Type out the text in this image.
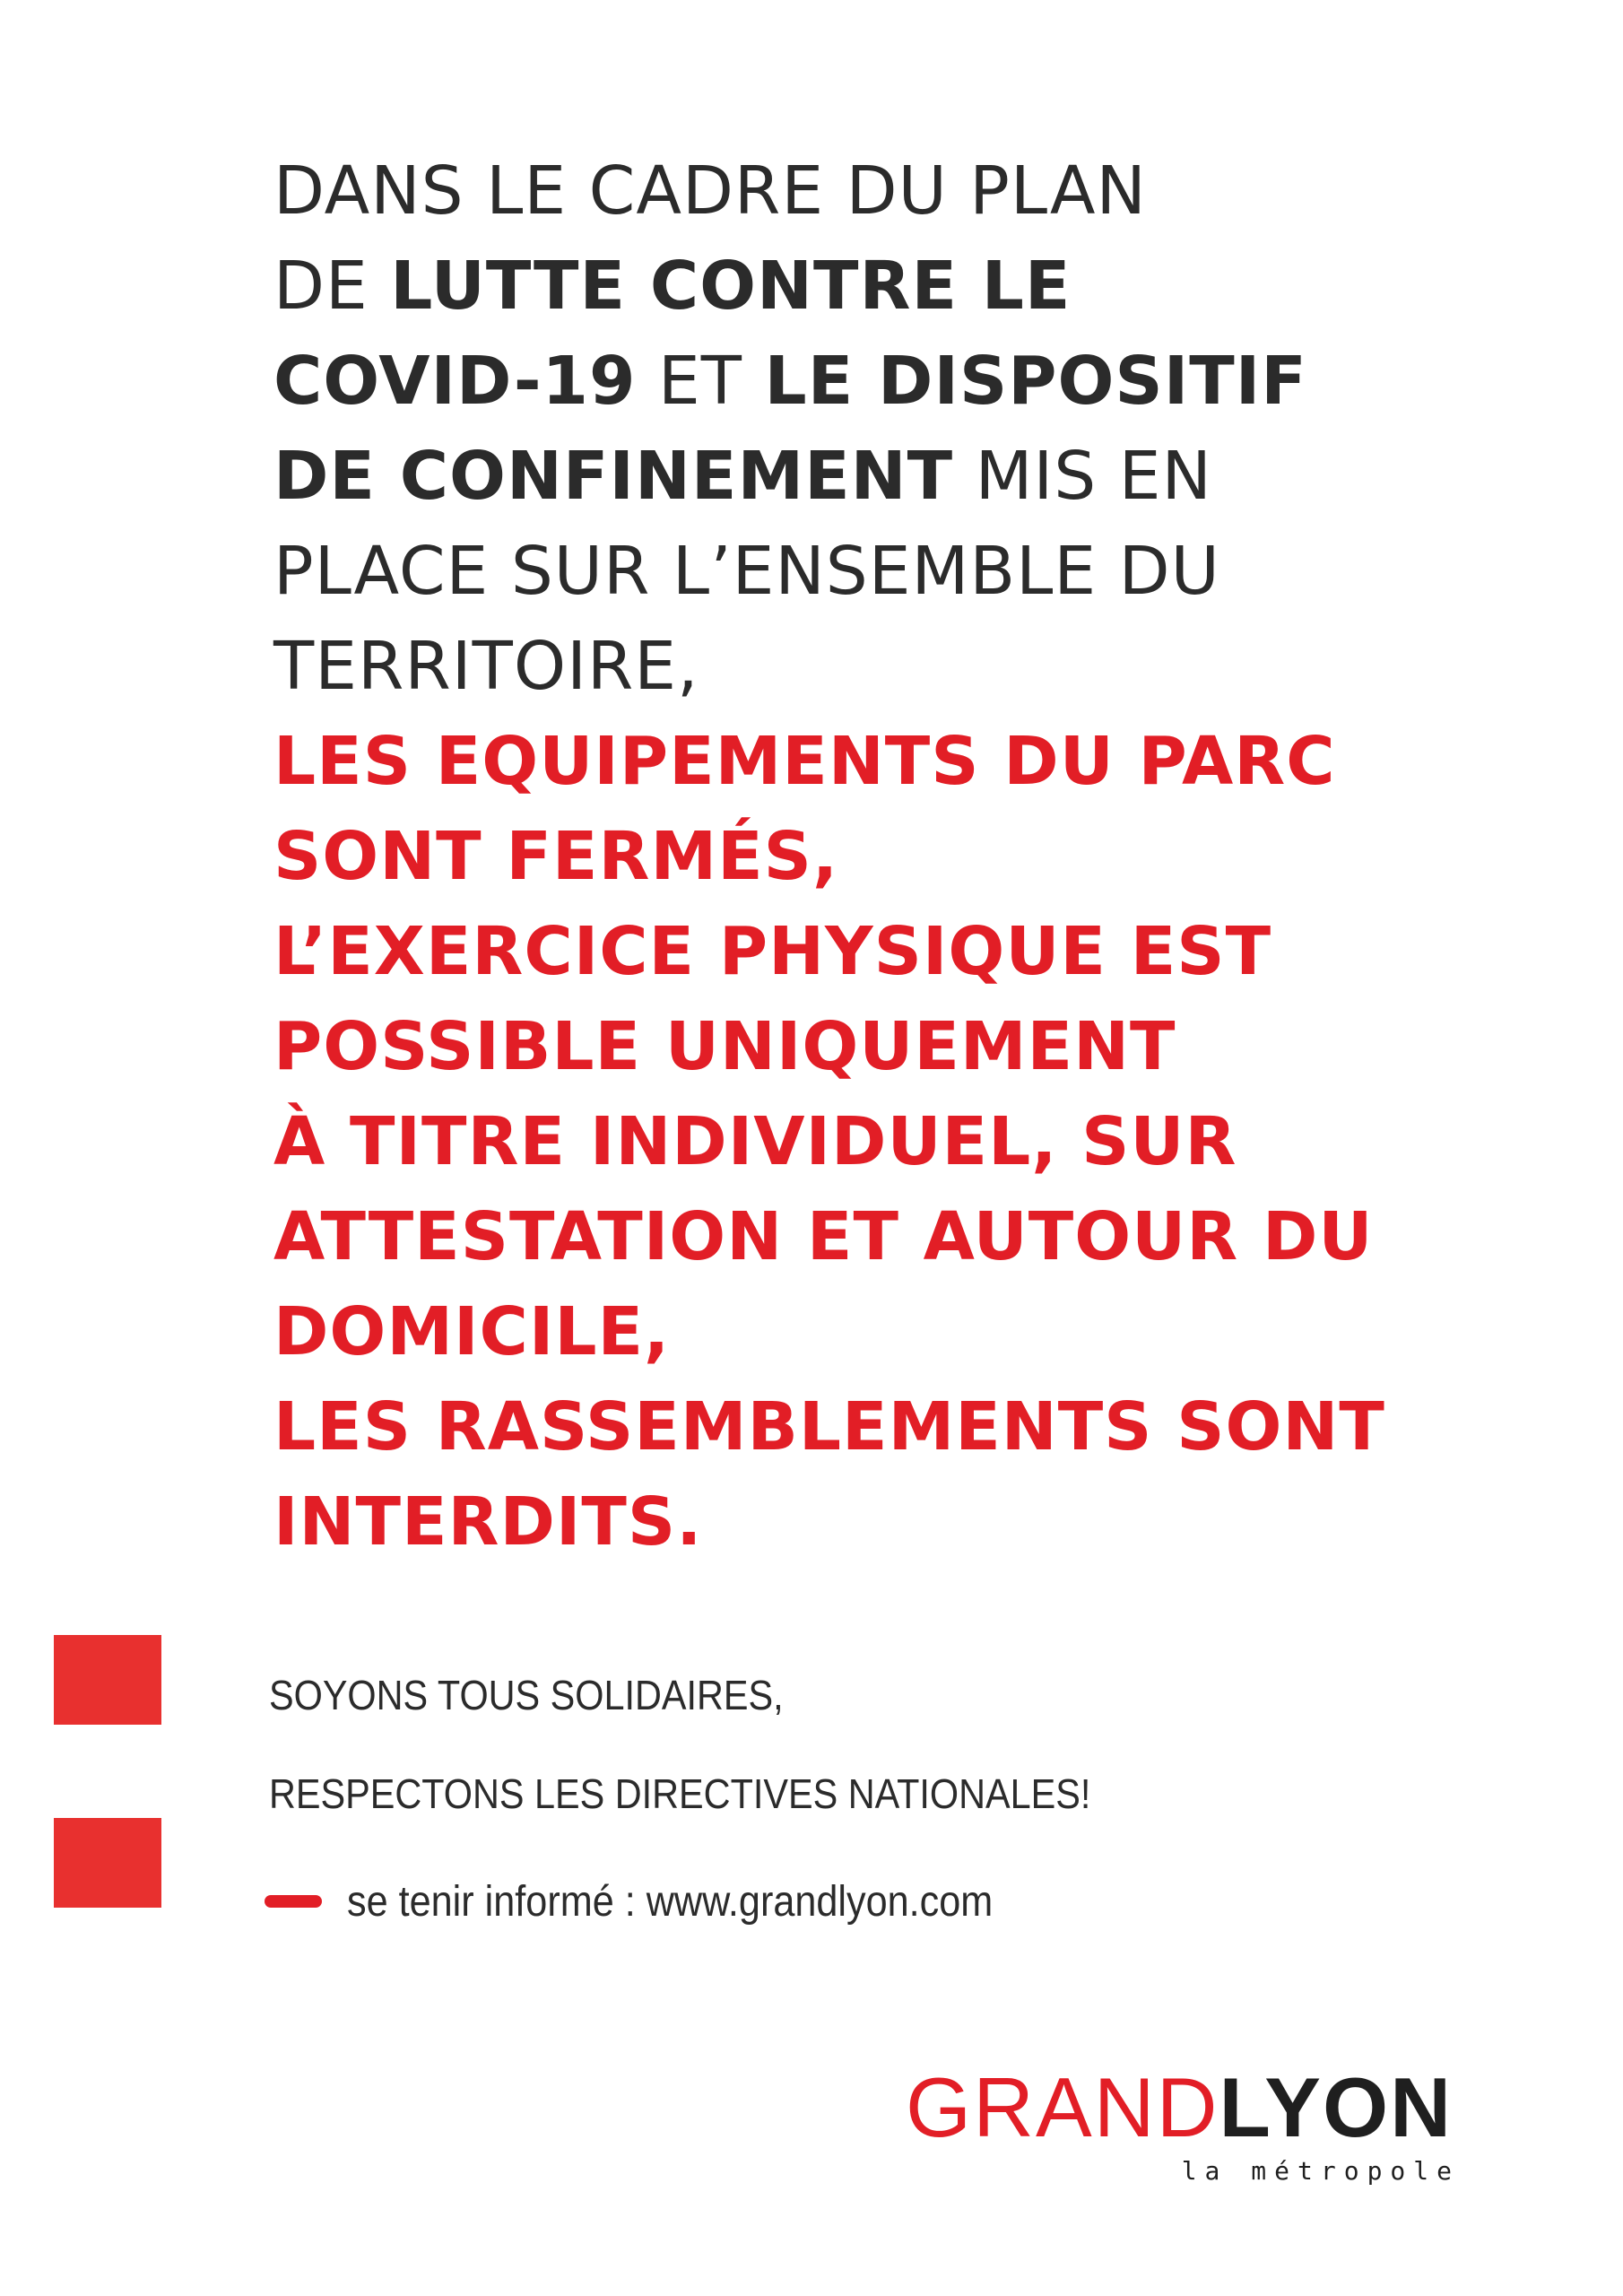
DANS LE CADRE DU PLAN
DE LUTTE CONTRE LE
COVID-19 ET LE DISPOSITIF
DE CONFINEMENT MIS EN
PLACE SUR L’ENSEMBLE DU
TERRITOIRE,
LES EQUIPEMENTS DU PARC
SONT FERMÉS,
L’EXERCICE PHYSIQUE EST
POSSIBLE UNIQUEMENT
À TITRE INDIVIDUEL, SUR
ATTESTATION ET AUTOUR DU
DOMICILE,
LES RASSEMBLEMENTS SONT
INTERDITS.
SOYONS TOUS SOLIDAIRES,
RESPECTONS LES DIRECTIVES NATIONALES!
se tenir informé : www.grandlyon.com
GRANDLYON
la métropole
